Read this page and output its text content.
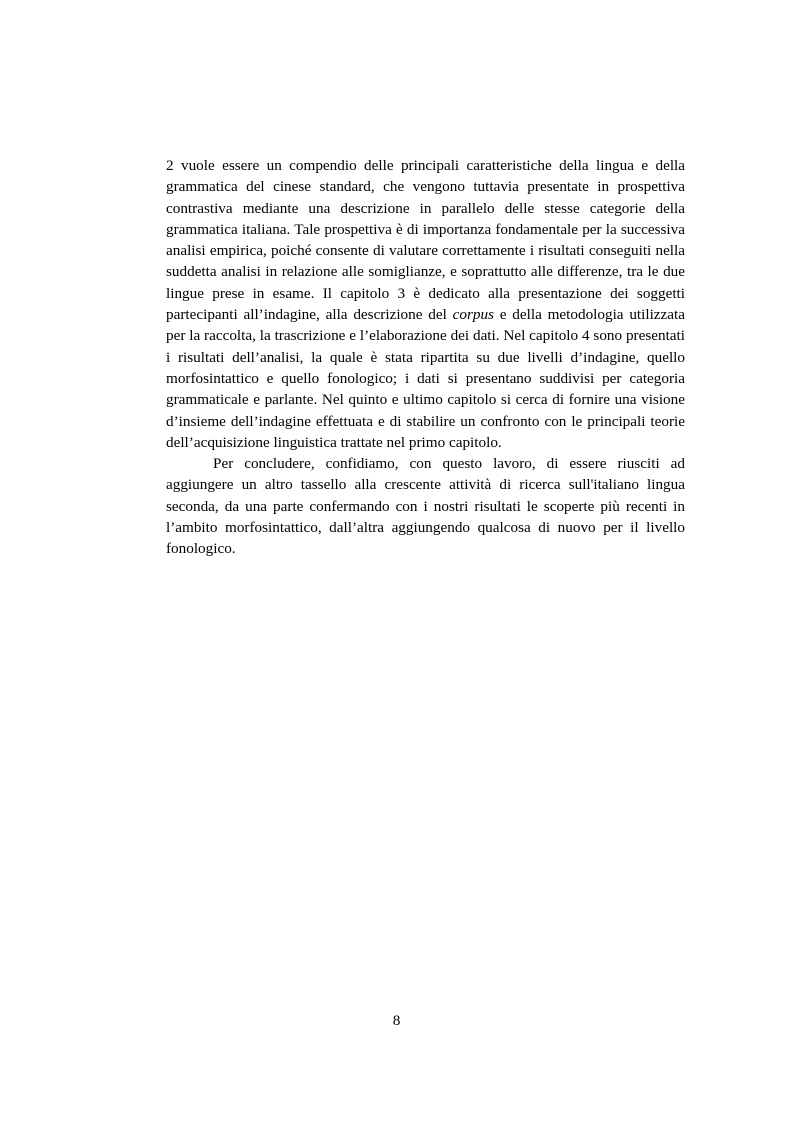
2 vuole essere un compendio delle principali caratteristiche della lingua e della grammatica del cinese standard, che vengono tuttavia presentate in prospettiva contrastiva mediante una descrizione in parallelo delle stesse categorie della grammatica italiana. Tale prospettiva è di importanza fondamentale per la successiva analisi empirica, poiché consente di valutare correttamente i risultati conseguiti nella suddetta analisi in relazione alle somiglianze, e soprattutto alle differenze, tra le due lingue prese in esame. Il capitolo 3 è dedicato alla presentazione dei soggetti partecipanti all’indagine, alla descrizione del corpus e della metodologia utilizzata per la raccolta, la trascrizione e l’elaborazione dei dati. Nel capitolo 4 sono presentati i risultati dell’analisi, la quale è stata ripartita su due livelli d’indagine, quello morfosintattico e quello fonologico; i dati si presentano suddivisi per categoria grammaticale e parlante. Nel quinto e ultimo capitolo si cerca di fornire una visione d’insieme dell’indagine effettuata e di stabilire un confronto con le principali teorie dell’acquisizione linguistica trattate nel primo capitolo.

Per concludere, confidiamo, con questo lavoro, di essere riusciti ad aggiungere un altro tassello alla crescente attività di ricerca sull'italiano lingua seconda, da una parte confermando con i nostri risultati le scoperte più recenti in l’ambito morfosintattico, dall’altra aggiungendo qualcosa di nuovo per il livello fonologico.

8
